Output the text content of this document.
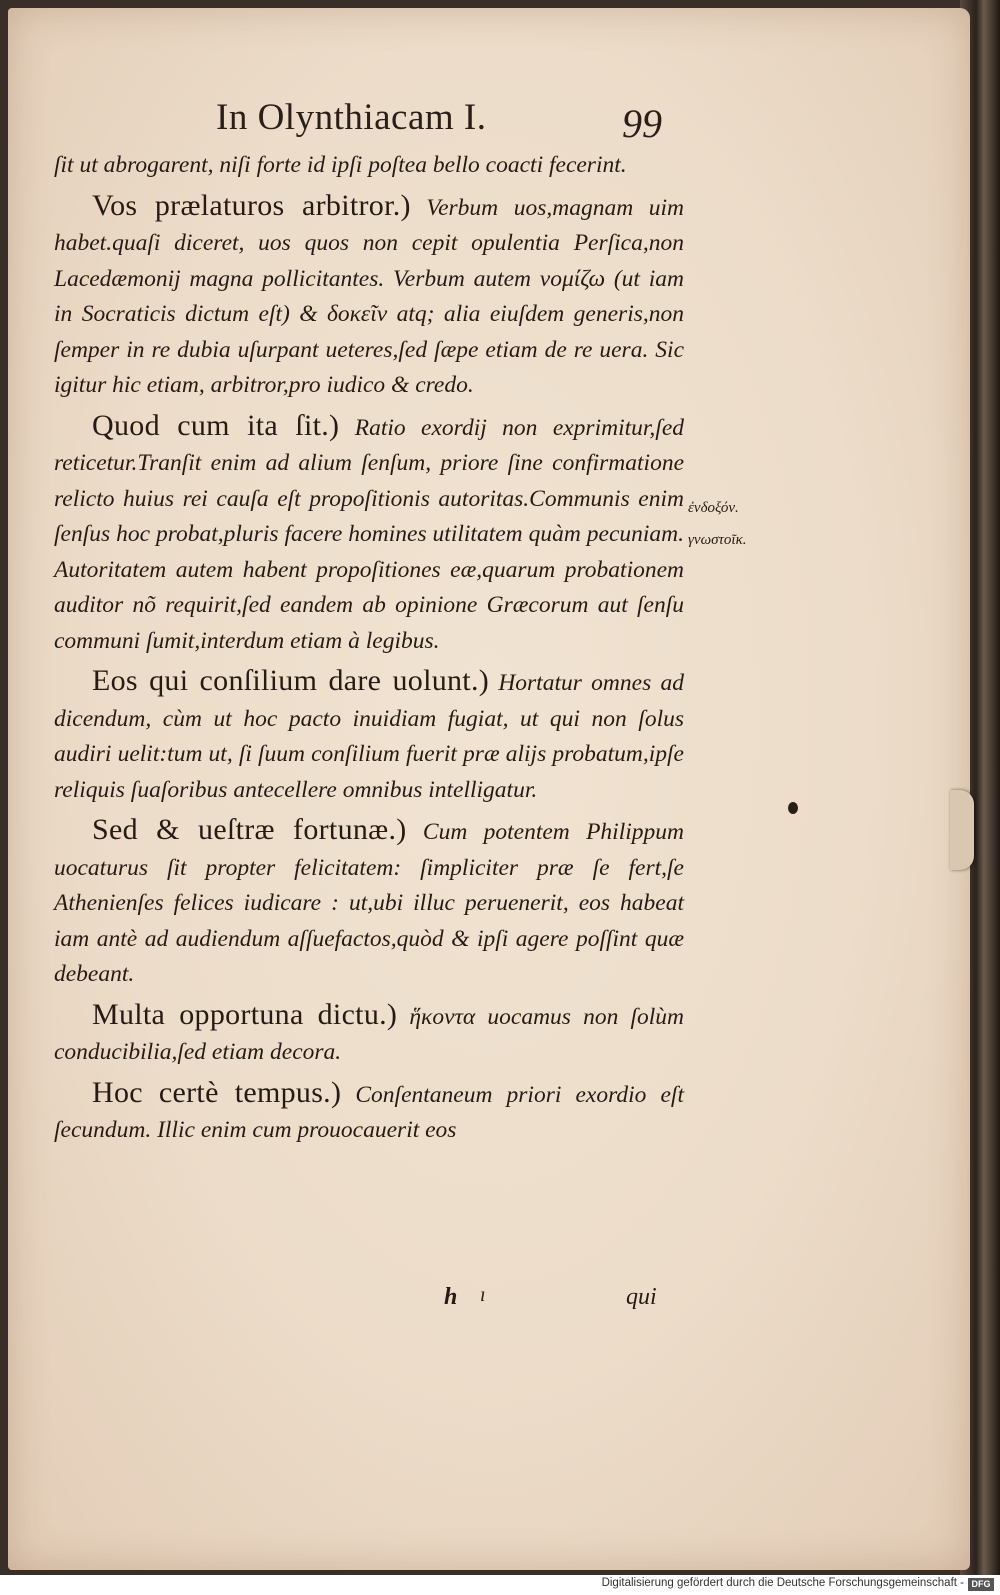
In Olynthiacam I.	99

ſit ut abrogarent, niſi forte id ipſi poſtea bello coacti fecerint.

Vos prælaturos arbitror.) Verbum uos,magnam uim habet.quaſi diceret, uos quos non cepit opulentia Perſica,non Lacedæmonij magna pollicitantes. Verbum autem νομίζω (ut iam in Socraticis dictum eſt) & δοκεῖν atq; alia eiuſdem generis,non ſemper in re dubia uſurpant ueteres,ſed ſæpe etiam de re uera. Sic igitur hic etiam, arbitror,pro iudico & credo.

Quod cum ita ſit.) Ratio exordij non exprimitur,ſed reticetur.Tranſit enim ad alium ſenſum, priore ſine confirmatione relicto huius rei cauſa eſt propoſitionis autoritas.Communis enim ſenſus hoc probat,pluris facere homines utilitatem quàm pecuniam. Autoritatem autem habent propoſitiones eæ,quarum probationem auditor nõ requirit,ſed eandem ab opinione Græcorum aut ſenſu communi ſumit,interdum etiam à legibus.

Eos qui conſilium dare uolunt.) Hortatur omnes ad dicendum, cùm ut hoc pacto inuidiam fugiat, ut qui non ſolus audiri uelit:tum ut, ſi ſuum conſilium fuerit præ alijs probatum,ipſe reliquis ſuaſoribus antecellere omnibus intelligatur.

Sed & ueſtræ fortunæ.) Cum potentem Philippum uocaturus ſit propter felicitatem: ſimpliciter præ ſe fert,ſe Athenienſes felices iudicare : ut,ubi illuc peruenerit, eos habeat iam antè ad audiendum aſſuefactos,quòd & ipſi agere poſſint quæ debeant.

Multa opportuna dictu.) ἥκοντα uocamus non ſolùm conducibilia,ſed etiam decora.

Hoc certè tempus.) Conſentaneum priori exordio eſt ſecundum. Illic enim cum prouocauerit eos

ἐνδοξόν.
γνωστοῖκ.
h ı	qui
Digitalisierung gefördert durch die Deutsche Forschungsgemeinschaft - DFG
